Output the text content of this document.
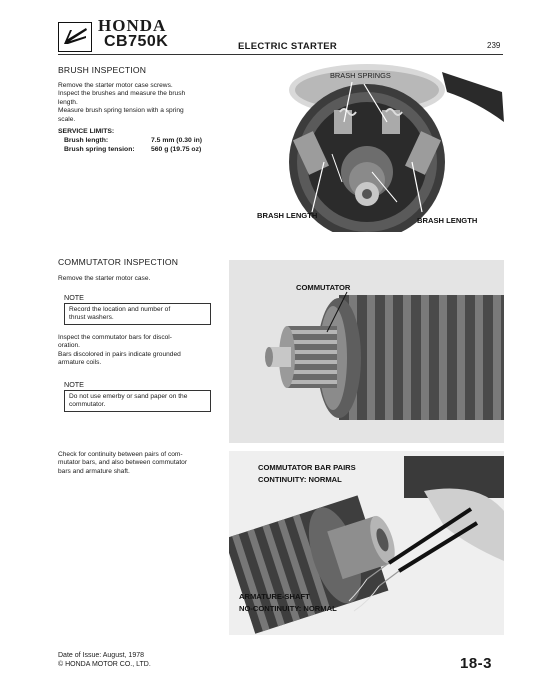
HONDA
CB750K	ELECTRIC STARTER	239
BRUSH INSPECTION
Remove the starter motor case screws.
Inspect the brushes and measure the brush
length.
Measure brush spring tension with a spring
scale.
SERVICE LIMITS:
Brush length:	7.5 mm (0.30 in)
Brush spring tension: 560 g (19.75 oz)
BRASH SPRINGS
BRASH LENGTH
BRASH LENGTH
COMMUTATOR INSPECTION
Remove the starter motor case.
NOTE
Record the location and number of
thrust washers.
Inspect the commutator bars for discol-
oration.
Bars discolored in pairs indicate grounded
armature coils.
NOTE
Do not use emerby or sand paper on the
commutator.
COMMUTATOR
Check for continuity between pairs of com-
mutator bars, and also between commutator
bars and armature shaft.	COMMUTATOR BAR PAIRS
CONTINUITY: NORMAL
ARMATURE-SHAFT
NO-CONTINUITY: NORMAL
Date of Issue: August, 1978
© HONDA MOTOR CO., LTD.	18-3
